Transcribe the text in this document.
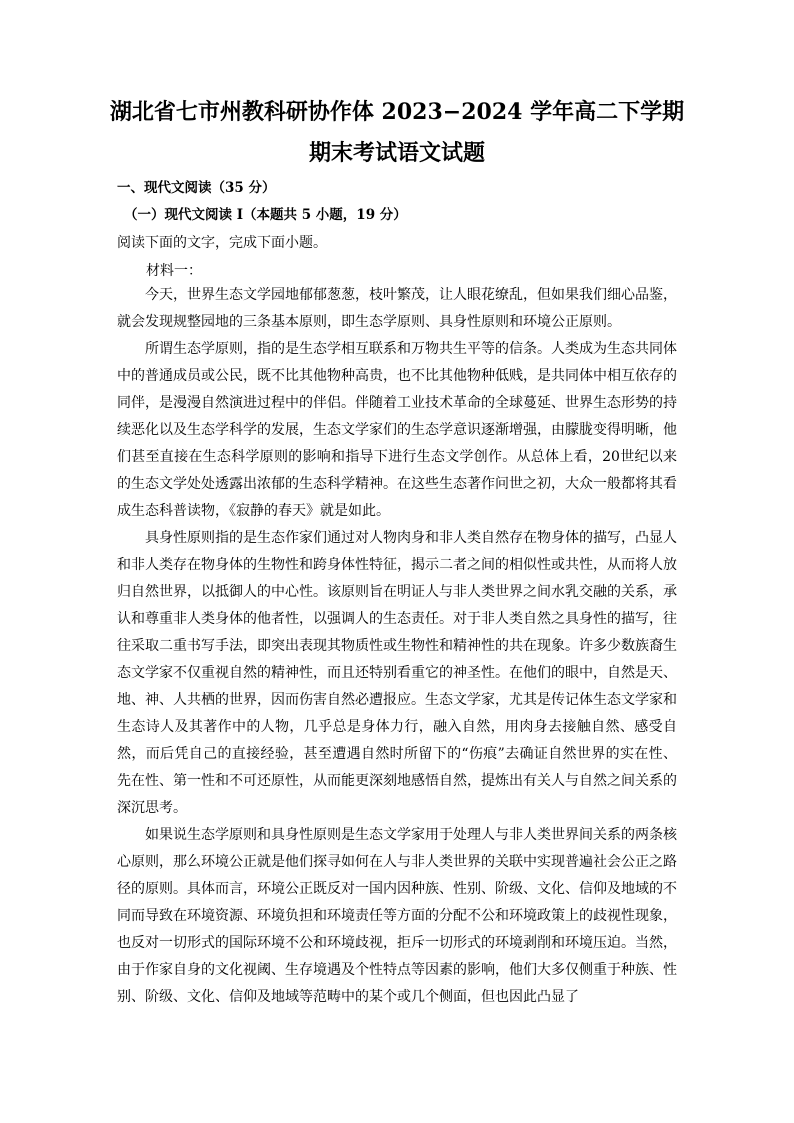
湖北省七市州教科研协作体 2023−2024 学年高二下学期
期末考试语文试题
一、现代文阅读（35 分）
（一）现代文阅读 I（本题共 5 小题，19 分）
阅读下面的文字，完成下面小题。
材料一：

今天，世界生态文学园地郁郁葱葱，枝叶繁茂，让人眼花缭乱，但如果我们细心品鉴，就会发现规整园地的三条基本原则，即生态学原则、具身性原则和环境公正原则。

所谓生态学原则，指的是生态学相互联系和万物共生平等的信条。人类成为生态共同体中的普通成员或公民，既不比其他物种高贵，也不比其他物种低贱，是共同体中相互依存的同伴，是漫漫自然演进过程中的伴侣。伴随着工业技术革命的全球蔓延、世界生态形势的持续恶化以及生态学科学的发展，生态文学家们的生态学意识逐渐增强，由朦胧变得明晰，他们甚至直接在生态科学原则的影响和指导下进行生态文学创作。从总体上看，20世纪以来的生态文学处处透露出浓郁的生态科学精神。在这些生态著作问世之初，大众一般都将其看成生态科普读物，《寂静的春天》就是如此。

具身性原则指的是生态作家们通过对人物肉身和非人类自然存在物身体的描写，凸显人和非人类存在物身体的生物性和跨身体性特征，揭示二者之间的相似性或共性，从而将人放归自然世界，以抵御人的中心性。该原则旨在明证人与非人类世界之间水乳交融的关系，承认和尊重非人类身体的他者性，以强调人的生态责任。对于非人类自然之具身性的描写，往往采取二重书写手法，即突出表现其物质性或生物性和精神性的共在现象。许多少数族裔生态文学家不仅重视自然的精神性，而且还特别看重它的神圣性。在他们的眼中，自然是天、地、神、人共栖的世界，因而伤害自然必遭报应。生态文学家，尤其是传记体生态文学家和生态诗人及其著作中的人物，几乎总是身体力行，融入自然，用肉身去接触自然、感受自然，而后凭自己的直接经验，甚至遭遇自然时所留下的“伤痕”去确证自然世界的实在性、先在性、第一性和不可还原性，从而能更深刻地感悟自然，提炼出有关人与自然之间关系的深沉思考。

如果说生态学原则和具身性原则是生态文学家用于处理人与非人类世界间关系的两条核心原则，那么环境公正就是他们探寻如何在人与非人类世界的关联中实现普遍社会公正之路径的原则。具体而言，环境公正既反对一国内因种族、性别、阶级、文化、信仰及地域的不同而导致在环境资源、环境负担和环境责任等方面的分配不公和环境政策上的歧视性现象，也反对一切形式的国际环境不公和环境歧视，拒斥一切形式的环境剥削和环境压迫。当然，由于作家自身的文化视阈、生存境遇及个性特点等因素的影响，他们大多仅侧重于种族、性别、阶级、文化、信仰及地域等范畴中的某个或几个侧面，但也因此凸显了
